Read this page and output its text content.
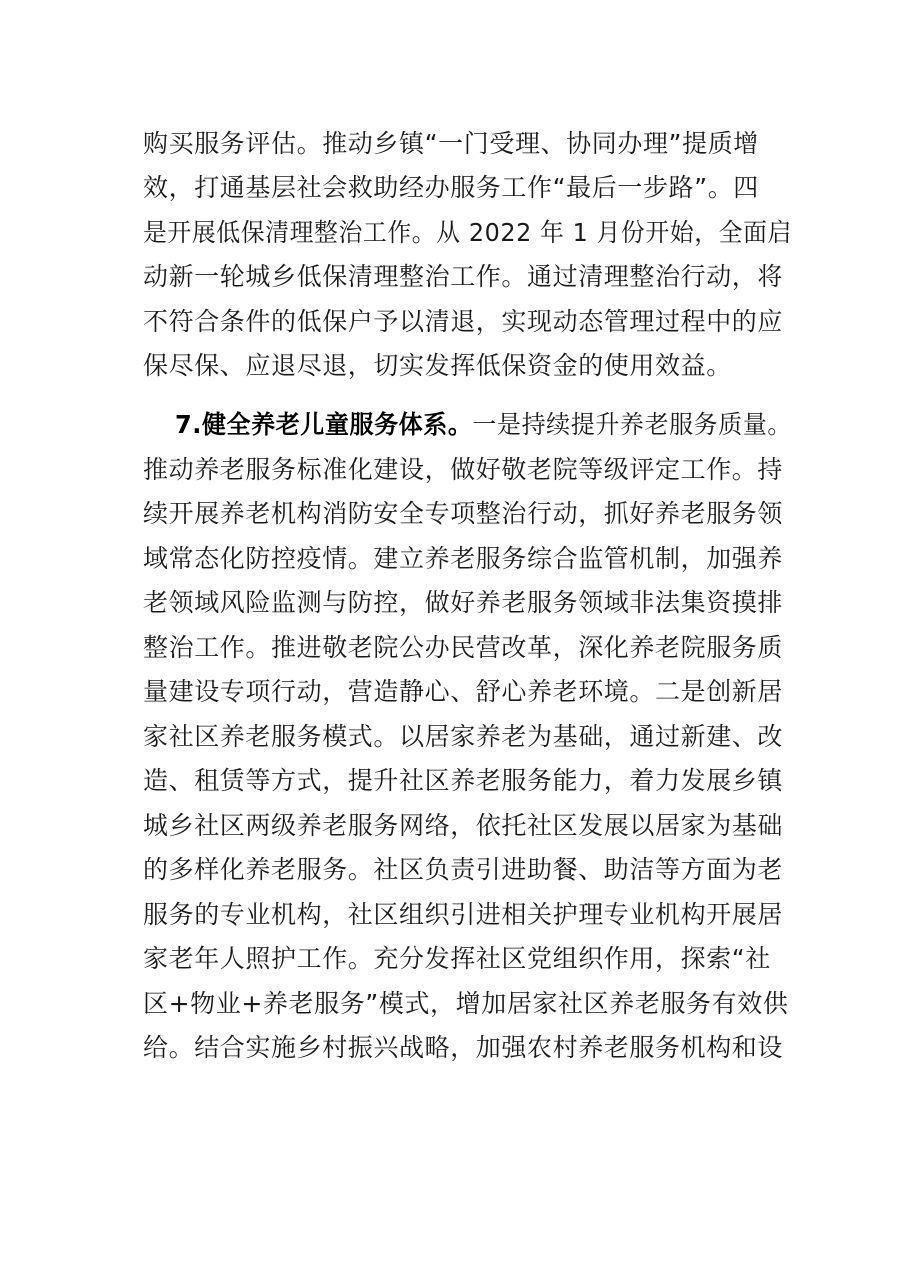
购买服务评估。推动乡镇“一门受理、协同办理”提质增
效，打通基层社会救助经办服务工作“最后一步路”。四
是开展低保清理整治工作。从 2022 年 1 月份开始，全面启
动新一轮城乡低保清理整治工作。通过清理整治行动，将
不符合条件的低保户予以清退，实现动态管理过程中的应
保尽保、应退尽退，切实发挥低保资金的使用效益。
7.健全养老儿童服务体系。一是持续提升养老服务质量。
推动养老服务标准化建设，做好敬老院等级评定工作。持
续开展养老机构消防安全专项整治行动，抓好养老服务领
域常态化防控疫情。建立养老服务综合监管机制，加强养
老领域风险监测与防控，做好养老服务领域非法集资摸排
整治工作。推进敬老院公办民营改革，深化养老院服务质
量建设专项行动，营造静心、舒心养老环境。二是创新居
家社区养老服务模式。以居家养老为基础，通过新建、改
造、租赁等方式，提升社区养老服务能力，着力发展乡镇
城乡社区两级养老服务网络，依托社区发展以居家为基础
的多样化养老服务。社区负责引进助餐、助洁等方面为老
服务的专业机构，社区组织引进相关护理专业机构开展居
家老年人照护工作。充分发挥社区党组织作用，探索“社
区+物业+养老服务”模式，增加居家社区养老服务有效供
给。结合实施乡村振兴战略，加强农村养老服务机构和设
